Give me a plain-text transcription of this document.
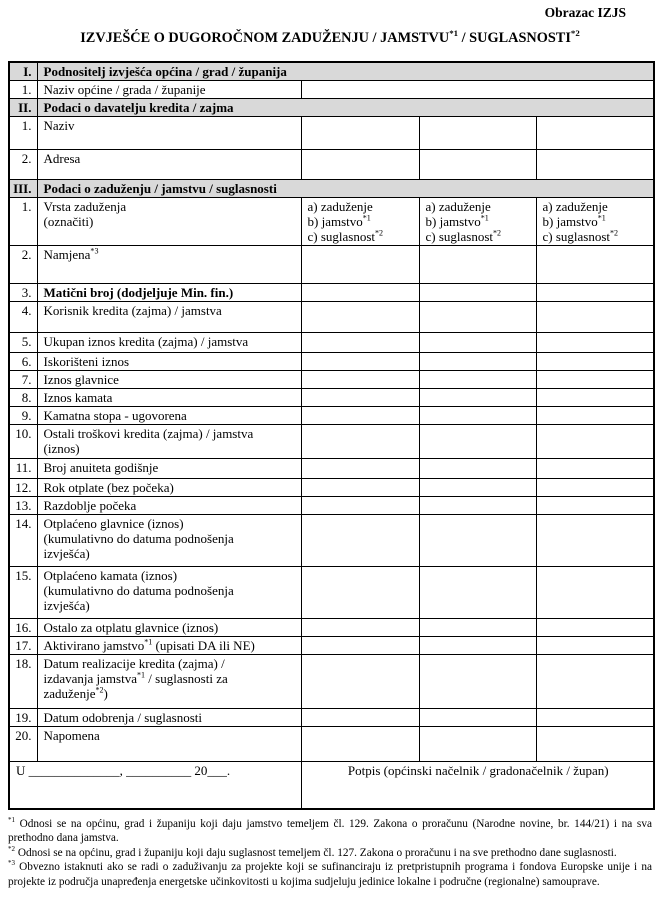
Obrazac IZJS
IZVJEŠĆE O DUGOROČNOM ZADUŽENJU / JAMSTVU$^{*1}$ / SUGLASNOSTI$^{*2}$
I.	Podnositelj izvješća općina / grad / županija			
1.	Naziv općine / grada / županije			
II.	Podaci o davatelju kredita / zajma			
1.	Naziv			
2.	Adresa			
III.	Podaci o zaduženju / jamstvu / suglasnosti			
1.	Vrsta zaduženja
(označiti)	
a) zaduženje
b) jamstvo$^{*1}$
c) suglasnost$^{*2}$

a) zaduženje
b) jamstvo$^{*1}$
c) suglasnost$^{*2}$

a) zaduženje
b) jamstvo$^{*1}$
c) suglasnost$^{*2}$

2.	Namjena$^{*3}$			
3.	Matični broj (dodjeljuje Min. fin.)			
4.	Korisnik kredita (zajma) / jamstva			
5.	Ukupan iznos kredita (zajma) / jamstva			
6.	Iskorišteni iznos			
7.	Iznos glavnice			
8.	Iznos kamata			
9.	Kamatna stopa - ugovorena			
10.	Ostali troškovi kredita (zajma) / jamstva
(iznos)			
11.	Broj anuiteta godišnje			
12.	Rok otplate (bez počeka)			
13.	Razdoblje počeka			
14.	Otplaćeno glavnice (iznos)
(kumulativno do datuma podnošenja
izvješća)			
15.	Otplaćeno kamata (iznos)
(kumulativno do datuma podnošenja
izvješća)			
16.	Ostalo za otplatu glavnice (iznos)			
17.	Aktivirano jamstvo$^{*1}$ (upisati DA ili NE)			
18.	Datum realizacije kredita (zajma) /
izdavanja jamstva$^{*1}$ / suglasnosti za
zaduženje$^{*2}$)			
19.	Datum odobrenja / suglasnosti			
20.	Napomena			
U ______________, __________ 20___.		Potpis (općinski načelnik / gradonačelnik / župan)		

$^{*1}$ Odnosi se na općinu, grad i županiju koji daju jamstvo temeljem čl. 129. Zakona o proračunu (Narodne novine, br. 144/21) i na sva prethodno dana jamstva.

$^{*2}$ Odnosi se na općinu, grad i županiju koji daju suglasnost temeljem čl. 127. Zakona o proračunu i na sve prethodno dane suglasnosti.

$^{*3}$ Obvezno istaknuti ako se radi o zaduživanju za projekte koji se sufinanciraju iz pretpristupnih programa i fondova Europske unije i na projekte iz područja unapređenja energetske učinkovitosti u kojima sudjeluju jedinice lokalne i područne (regionalne) samouprave.
